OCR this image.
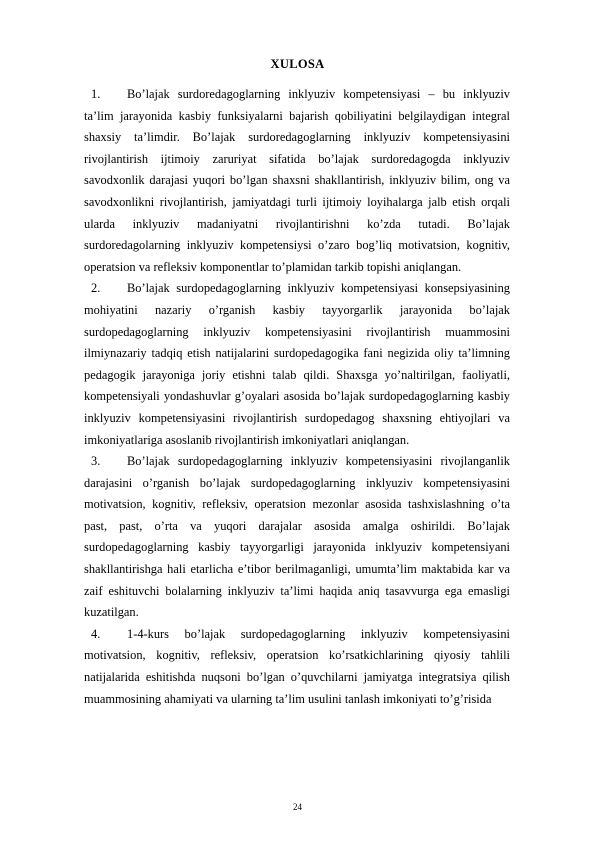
XULOSA

1. Bo’lajak surdoredagoglarning inklyuziv kompetensiyasi – bu inklyuziv ta’lim jarayonida kasbiy funksiyalarni bajarish qobiliyatini belgilaydigan integral shaxsiy ta’limdir. Bo’lajak surdoredagoglarning inklyuziv kompetensiyasini rivojlantirish ijtimoiy zaruriyat sifatida bo’lajak surdoredagogda inklyuziv savodxonlik darajasi yuqori bo’lgan shaxsni shakllantirish, inklyuziv bilim, ong va savodxonlikni rivojlantirish, jamiyatdagi turli ijtimoiy loyihalarga jalb etish orqali ularda inklyuziv madaniyatni rivojlantirishni ko’zda tutadi. Bo’lajak surdoredagolarning inklyuziv kompetensiysi o’zaro bog’liq motivatsion, kognitiv, operatsion va refleksiv komponentlar to’plamidan tarkib topishi aniqlangan.

2. Bo’lajak surdopedagoglarning inklyuziv kompetensiyasi konsepsiyasining mohiyatini nazariy o’rganish kasbiy tayyorgarlik jarayonida bo’lajak surdopedagoglarning inklyuziv kompetensiyasini rivojlantirish muammosini ilmiynazariy tadqiq etish natijalarini surdopedagogika fani negizida oliy ta’limning pedagogik jarayoniga joriy etishni talab qildi. Shaxsga yo’naltirilgan, faoliyatli, kompetensiyali yondashuvlar g’oyalari asosida bo’lajak surdopedagoglarning kasbiy inklyuziv kompetensiyasini rivojlantirish surdopedagog shaxsning ehtiyojlari va imkoniyatlariga asoslanib rivojlantirish imkoniyatlari aniqlangan.

3. Bo’lajak surdopedagoglarning inklyuziv kompetensiyasini rivojlanganlik darajasini o’rganish bo’lajak surdopedagoglarning inklyuziv kompetensiyasini motivatsion, kognitiv, refleksiv, operatsion mezonlar asosida tashxislashning o’ta past, past, o’rta va yuqori darajalar asosida amalga oshirildi. Bo’lajak surdopedagoglarning kasbiy tayyorgarligi jarayonida inklyuziv kompetensiyani shakllantirishga hali etarlicha e’tibor berilmaganligi, umumta’lim maktabida kar va zaif eshituvchi bolalarning inklyuziv ta’limi haqida aniq tasavvurga ega emasligi kuzatilgan.

4. 1-4-kurs bo’lajak surdopedagoglarning inklyuziv kompetensiyasini motivatsion, kognitiv, refleksiv, operatsion ko’rsatkichlarining qiyosiy tahlili natijalarida eshitishda nuqsoni bo’lgan o’quvchilarni jamiyatga integratsiya qilish muammosining ahamiyati va ularning ta’lim usulini tanlash imkoniyati to’g’risida

24
